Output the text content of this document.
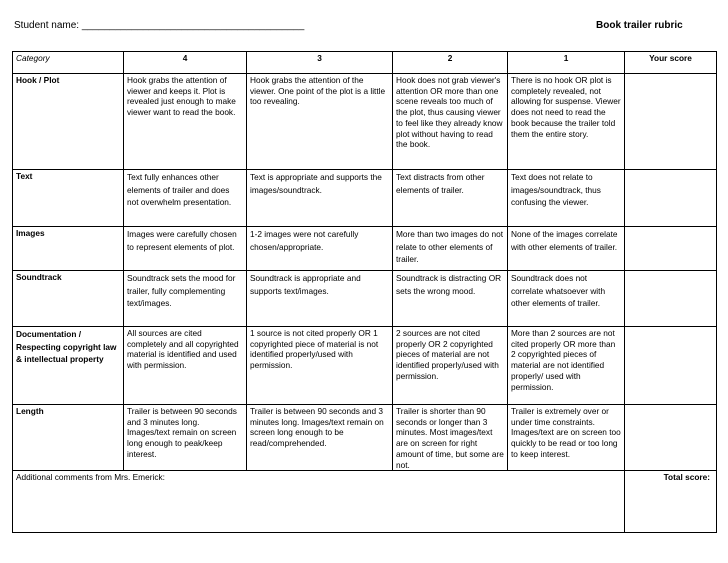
Student name: ________________________________________	Book trailer rubric
Category	4	3	2	1	Your score
Hook / Plot	Hook grabs the attention of viewer and keeps it. Plot is revealed just enough to make viewer want to read the book.	Hook grabs the attention of the viewer. One point of the plot is a little too revealing.	Hook does not grab viewer's attention OR more than one scene reveals too much of the plot, thus causing viewer to feel like they already know plot without having to read the book.	There is no hook OR plot is completely revealed, not allowing for suspense. Viewer does not need to read the book because the trailer told them the entire story.	
Text	Text fully enhances other elements of trailer and does not overwhelm presentation.	Text is appropriate and supports the images/soundtrack.	Text distracts from other elements of trailer.	Text does not relate to images/soundtrack, thus confusing the viewer.	
Images	Images were carefully chosen to represent elements of plot.	1-2 images were not carefully chosen/appropriate.	More than two images do not relate to other elements of trailer.	None of the images correlate with other elements of trailer.	
Soundtrack	Soundtrack sets the mood for trailer, fully complementing text/images.	Soundtrack is appropriate and supports text/images.	Soundtrack is distracting OR sets the wrong mood.	Soundtrack does not correlate whatsoever with other elements of trailer.	
Documentation / Respecting copyright law & intellectual property	All sources are cited completely and all copyrighted material is identified and used with permission.	1 source is not cited properly OR 1 copyrighted piece of material is not identified properly/used with permission.	2 sources are not cited properly OR 2 copyrighted pieces of material are not identified properly/used with permission.	More than 2 sources are not cited properly OR more than 2 copyrighted pieces of material are not identified properly/ used with permission.	
Length	Trailer is between 90 seconds and 3 minutes long. Images/text remain on screen long enough to peak/keep interest.	Trailer is between 90 seconds and 3 minutes long. Images/text remain on screen long enough to be read/comprehended.	Trailer is shorter than 90 seconds or longer than 3 minutes. Most images/text are on screen for right amount of time, but some are not.	Trailer is extremely over or under time constraints. Images/text are on screen too quickly to be read or too long to keep interest.	
Additional comments from Mrs. Emerick:					Total score:
